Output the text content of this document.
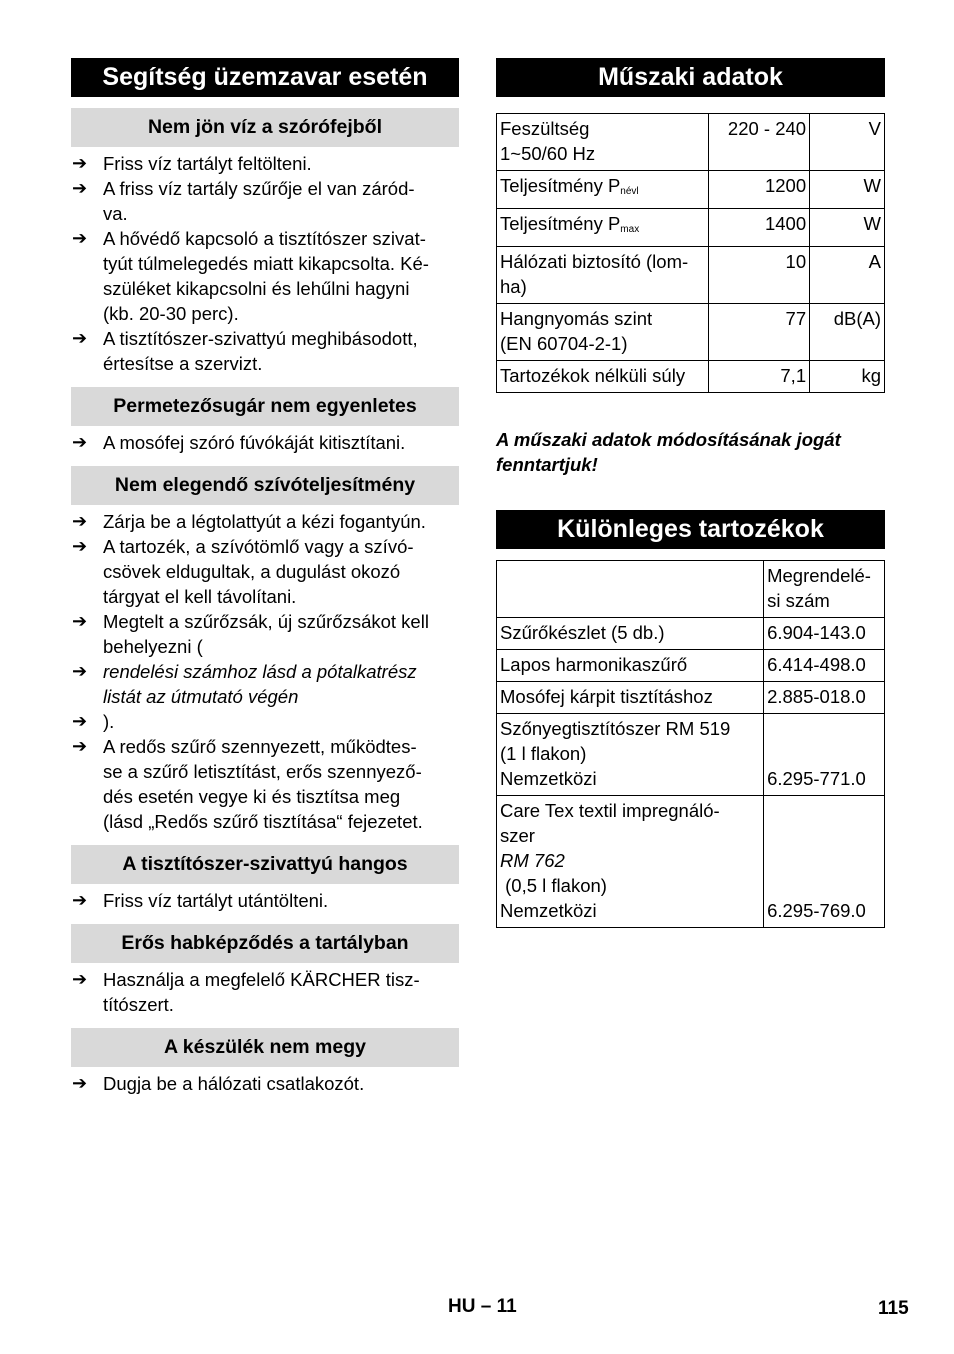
Segítség üzemzavar esetén
Nem jön víz a szórófejből
➔ Friss víz tartályt feltölteni.
➔ A friss víz tartály szűrője el van záród-
va.
➔ A hővédő kapcsoló a tisztítószer szivat-
tyút túlmelegedés miatt kikapcsolta. Ké-
szüléket kikapcsolni és lehűlni hagyni
(kb. 20-30 perc).
➔ A tisztítószer-szivattyú meghibásodott,
értesítse a szervizt.
Permetezősugár nem egyenletes
➔ A mosófej szóró fúvókáját kitisztítani.
Nem elegendő szívóteljesítmény
➔ Zárja be a légtolattyút a kézi fogantyún.
➔ A tartozék, a szívótömlő vagy a szívó-
csövek eldugultak, a dugulást okozó
tárgyat el kell távolítani.
➔ Megtelt a szűrőzsák, új szűrőzsákot kell
behelyezni (
➔ rendelési számhoz lásd a pótalkatrész
listát az útmutató végén
➔ ).
➔ A redős szűrő szennyezett, működtes-
se a szűrő letisztítást, erős szennyező-
dés esetén vegye ki és tisztítsa meg
(lásd „Redős szűrő tisztítása“ fejezetet.
A tisztítószer-szivattyú hangos
➔ Friss víz tartályt utántölteni.
Erős habképződés a tartályban
➔ Használja a megfelelő KÄRCHER tisz-
títószert.
A készülék nem megy
➔ Dugja be a hálózati csatlakozót.
Műszaki adatok
Feszültség
1~50/60 Hz	220 - 240	V
Teljesítmény $P_{névl}$	1200	W
Teljesítmény $P_{max}$	1400	W
Hálózati biztosító (lom-
ha)	10	A
Hangnyomás szint
(EN 60704-2-1)	77	dB(A)
Tartozékok nélküli súly	7,1	kg
A műszaki adatok módosításának jogát
fenntartjuk!
Különleges tartozékok

	Megrendelé-
si szám

Szűrőkészlet (5 db.)	6.904-143.0
Lapos harmonikaszűrő	6.414-498.0
Mosófej kárpit tisztításhoz	2.885-018.0

Szőnyegtisztítószer RM 519
(1 l flakon)
Nemzetközi	6.295-771.0

Care Tex textil impregnáló-
szer
RM 762
(0,5 l flakon)
Nemzetközi	6.295-769.0
HU – 11	115
